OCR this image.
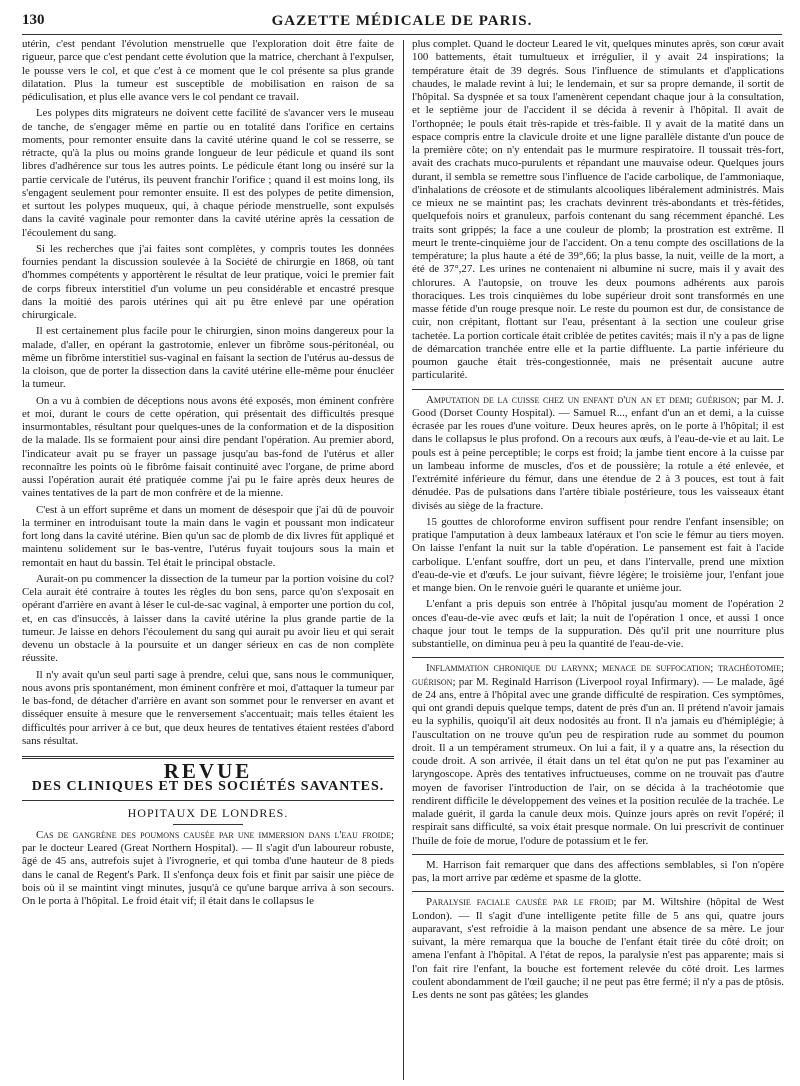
130	GAZETTE MÉDICALE DE PARIS.

utérin, c'est pendant l'évolution menstruelle que l'exploration doit être faite de rigueur, parce que c'est pendant cette évolution que la matrice, cherchant à l'expulser, le pousse vers le col, et que c'est à ce moment que le col présente sa plus grande dilatation. Plus la tumeur est susceptible de mobilisation en raison de sa pédiculisation, et plus elle avance vers le col pendant ce travail.

Les polypes dits migrateurs ne doivent cette facilité de s'avancer vers le museau de tanche, de s'engager même en partie ou en totalité dans l'orifice en certains moments, pour remonter ensuite dans la cavité utérine quand le col se resserre, se rétracte, qu'à la plus ou moins grande longueur de leur pédicule et quand ils sont libres d'adhérence sur tous les autres points. Le pédicule étant long ou inséré sur la partie cervicale de l'utérus, ils peuvent franchir l'orifice ; quand il est moins long, ils s'engagent seulement pour remonter ensuite. Il est des polypes de petite dimension, et surtout les polypes muqueux, qui, à chaque période menstruelle, sont expulsés dans la cavité vaginale pour remonter dans la cavité utérine après la cessation de l'écoulement du sang.

Si les recherches que j'ai faites sont complètes, y compris toutes les données fournies pendant la discussion soulevée à la Société de chirurgie en 1868, où tant d'hommes compétents y apportèrent le résultat de leur pratique, voici le premier fait de corps fibreux interstitiel d'un volume un peu considérable et encastré presque dans la moitié des parois utérines qui ait pu être enlevé par une opération chirurgicale.

Il est certainement plus facile pour le chirurgien, sinon moins dangereux pour la malade, d'aller, en opérant la gastrotomie, enlever un fibrôme sous-péritonéal, ou même un fibrôme interstitiel sus-vaginal en faisant la section de l'utérus au-dessus de la cloison, que de porter la dissection dans la cavité utérine elle-même pour énucléer la tumeur.

On a vu à combien de déceptions nous avons été exposés, mon éminent confrère et moi, durant le cours de cette opération, qui présentait des difficultés presque insurmontables, résultant pour quelques-unes de la conformation et de la disposition de la malade. Ils se formaient pour ainsi dire pendant l'opération. Au premier abord, l'indicateur avait pu se frayer un passage jusqu'au bas-fond de l'utérus et aller reconnaître les points où le fibrôme faisait continuité avec l'organe, de prime abord aussi l'opération aurait été pratiquée comme j'ai pu le faire après deux heures de vaines tentatives de la part de mon confrère et de la mienne.

C'est à un effort suprême et dans un moment de désespoir que j'ai dû de pouvoir la terminer en introduisant toute la main dans le vagin et poussant mon indicateur fort long dans la cavité utérine. Bien qu'un sac de plomb de dix livres fût appliqué et maintenu solidement sur le bas-ventre, l'utérus fuyait toujours sous la main et remontait en haut du bassin. Tel était le principal obstacle.

Aurait-on pu commencer la dissection de la tumeur par la portion voisine du col? Cela aurait été contraire à toutes les règles du bon sens, parce qu'on s'exposait en opérant d'arrière en avant à léser le cul-de-sac vaginal, à emporter une portion du col, et, en cas d'insuccès, à laisser dans la cavité utérine la plus grande partie de la tumeur. Je laisse en dehors l'écoulement du sang qui aurait pu avoir lieu et qui serait devenu un obstacle à la poursuite et un danger sérieux en cas de non complète réussite.

Il n'y avait qu'un seul parti sage à prendre, celui que, sans nous le communiquer, nous avons pris spontanément, mon éminent confrère et moi, d'attaquer la tumeur par le bas-fond, de détacher d'arrière en avant son sommet pour le renverser en avant et disséquer ensuite à mesure que le renversement s'accentuait; mais telles étaient les difficultés pour arriver à ce but, que deux heures de tentatives étaient restées d'abord sans résultat.

REVUE
DES CLINIQUES ET DES SOCIÉTÉS SAVANTES.
HOPITAUX DE LONDRES.

Cas de gangrène des poumons causée par une immersion dans l'eau froide; par le docteur Leared (Great Northern Hospital). — Il s'agit d'un laboureur robuste, âgé de 45 ans, autrefois sujet à l'ivrognerie, et qui tomba d'une hauteur de 8 pieds dans le canal de Regent's Park. Il s'enfonça deux fois et finit par saisir une pièce de bois où il se maintint vingt minutes, jusqu'à ce qu'une barque arriva à son secours. On le porta à l'hôpital. Le froid était vif; il était dans le collapsus le

plus complet. Quand le docteur Leared le vit, quelques minutes après, son cœur avait 100 battements, était tumultueux et irrégulier, il y avait 24 inspirations; la température était de 39 degrés. Sous l'influence de stimulants et d'applications chaudes, le malade revint à lui; le lendemain, et sur sa propre demande, il sortit de l'hôpital. Sa dyspnée et sa toux l'amenèrent cependant chaque jour à la consultation, et le septième jour de l'accident il se décida à revenir à l'hôpital. Il avait de l'orthopnée; le pouls était très-rapide et très-faible. Il y avait de la matité dans un espace compris entre la clavicule droite et une ligne parallèle distante d'un pouce de la première côte; on n'y entendait pas le murmure respiratoire. Il toussait très-fort, avait des crachats muco-purulents et répandant une mauvaise odeur. Quelques jours durant, il sembla se remettre sous l'influence de l'acide carbolique, de l'ammoniaque, d'inhalations de créosote et de stimulants alcooliques libéralement administrés. Mais ce mieux ne se maintint pas; les crachats devinrent très-abondants et très-fétides, quelquefois noirs et granuleux, parfois contenant du sang récemment épanché. Les traits sont grippés; la face a une couleur de plomb; la prostration est extrême. Il meurt le trente-cinquième jour de l'accident. On a tenu compte des oscillations de la température; la plus haute a été de 39°,66; la plus basse, la nuit, veille de la mort, a été de 37°,27. Les urines ne contenaient ni albumine ni sucre, mais il y avait des chlorures. A l'autopsie, on trouve les deux poumons adhérents aux parois thoraciques. Les trois cinquièmes du lobe supérieur droit sont transformés en une masse fétide d'un rouge presque noir. Le reste du poumon est dur, de consistance de cuir, non crépitant, flottant sur l'eau, présentant à la section une couleur grise tachetée. La portion corticale était criblée de petites cavités; mais il n'y a pas de ligne de démarcation tranchée entre elle et la partie diffluente. La partie inférieure du poumon gauche était très-congestionnée, mais ne présentait aucune autre particularité.

Amputation de la cuisse chez un enfant d'un an et demi; guérison; par M. J. Good (Dorset County Hospital). — Samuel R..., enfant d'un an et demi, a la cuisse écrasée par les roues d'une voiture. Deux heures après, on le porte à l'hôpital; il est dans le collapsus le plus profond. On a recours aux œufs, à l'eau-de-vie et au lait. Le pouls est à peine perceptible; le corps est froid; la jambe tient encore à la cuisse par un lambeau informe de muscles, d'os et de poussière; la rotule a été enlevée, et l'extrémité inférieure du fémur, dans une étendue de 2 à 3 pouces, est tout à fait dénudée. Pas de pulsations dans l'artère tibiale postérieure, tous les vaisseaux étant divisés au siège de la fracture.

15 gouttes de chloroforme environ suffisent pour rendre l'enfant insensible; on pratique l'amputation à deux lambeaux latéraux et l'on scie le fémur au tiers moyen. On laisse l'enfant la nuit sur la table d'opération. Le pansement est fait à l'acide carbolique. L'enfant souffre, dort un peu, et dans l'intervalle, prend une mixtion d'eau-de-vie et d'œufs. Le jour suivant, fièvre légère; le troisième jour, l'enfant joue et mange bien. On le renvoie guéri le quarante et unième jour.

L'enfant a pris depuis son entrée à l'hôpital jusqu'au moment de l'opération 2 onces d'eau-de-vie avec œufs et lait; la nuit de l'opération 1 once, et aussi 1 once chaque jour tout le temps de la suppuration. Dès qu'il prit une nourriture plus substantielle, on diminua peu à peu la quantité de l'eau-de-vie.

Inflammation chronique du larynx; menace de suffocation; trachéotomie; guérison; par M. Reginald Harrison (Liverpool royal Infirmary). — Le malade, âgé de 24 ans, entre à l'hôpital avec une grande difficulté de respiration. Ces symptômes, qui ont grandi depuis quelque temps, datent de près d'un an. Il prétend n'avoir jamais eu la syphilis, quoiqu'il ait deux nodosités au front. Il n'a jamais eu d'hémiplégie; à l'auscultation on ne trouve qu'un peu de respiration rude au sommet du poumon droit. Il a un tempérament strumeux. On lui a fait, il y a quatre ans, la résection du coude droit. A son arrivée, il était dans un tel état qu'on ne put pas l'examiner au laryngoscope. Après des tentatives infructueuses, comme on ne trouvait pas d'autre moyen de favoriser l'introduction de l'air, on se décida à la trachéotomie que rendirent difficile le développement des veines et la position reculée de la trachée. Le malade guérit, il garda la canule deux mois. Quinze jours après on revit l'opéré; il respirait sans difficulté, sa voix était presque normale. On lui prescrivit de continuer l'huile de foie de morue, l'odure de potassium et le fer.

M. Harrison fait remarquer que dans des affections semblables, si l'on n'opère pas, la mort arrive par œdème et spasme de la glotte.

Paralysie faciale causée par le froid; par M. Wiltshire (hôpital de West London). — Il s'agit d'une intelligente petite fille de 5 ans qui, quatre jours auparavant, s'est refroidie à la maison pendant une absence de sa mère. Le jour suivant, la mère remarqua que la bouche de l'enfant était tirée du côté droit; on amena l'enfant à l'hôpital. A l'état de repos, la paralysie n'est pas apparente; mais si l'on fait rire l'enfant, la bouche est fortement relevée du côté droit. Les larmes coulent abondamment de l'œil gauche; il ne peut pas être fermé; il n'y a pas de ptôsis. Les dents ne sont pas gâtées; les glandes
